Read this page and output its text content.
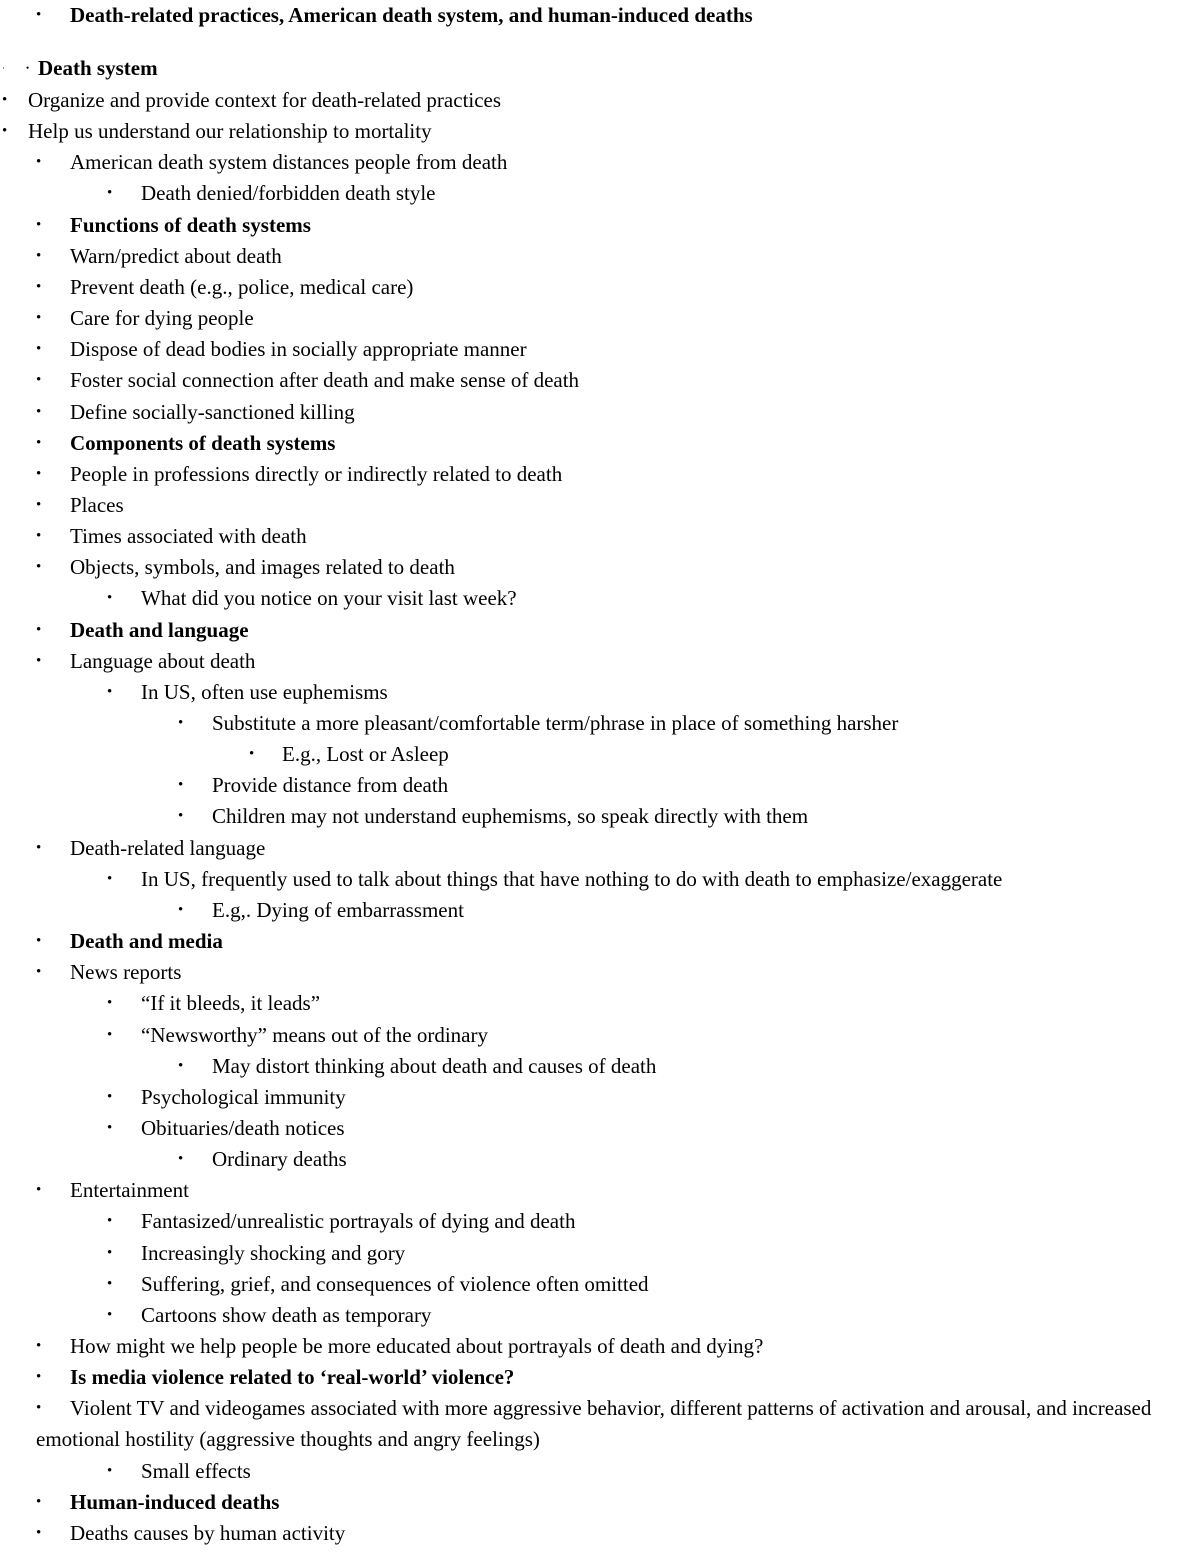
• Death-related practices, American death system, and human-induced deaths
· • Death system
• Organize and provide context for death-related practices
• Help us understand our relationship to mortality
• American death system distances people from death
• Death denied/forbidden death style
• Functions of death systems
• Warn/predict about death
• Prevent death (e.g., police, medical care)
• Care for dying people
• Dispose of dead bodies in socially appropriate manner
• Foster social connection after death and make sense of death
• Define socially-sanctioned killing
• Components of death systems
• People in professions directly or indirectly related to death
• Places
• Times associated with death
• Objects, symbols, and images related to death
• What did you notice on your visit last week?
• Death and language
• Language about death
• In US, often use euphemisms
• Substitute a more pleasant/comfortable term/phrase in place of something harsher
• E.g., Lost or Asleep
• Provide distance from death
• Children may not understand euphemisms, so speak directly with them
• Death-related language
• In US, frequently used to talk about things that have nothing to do with death to emphasize/exaggerate
• E.g,. Dying of embarrassment
• Death and media
• News reports
• “If it bleeds, it leads”
• “Newsworthy” means out of the ordinary
• May distort thinking about death and causes of death
• Psychological immunity
• Obituaries/death notices
• Ordinary deaths
• Entertainment
• Fantasized/unrealistic portrayals of dying and death
• Increasingly shocking and gory
• Suffering, grief, and consequences of violence often omitted
• Cartoons show death as temporary
• How might we help people be more educated about portrayals of death and dying?
• Is media violence related to ‘real-world’ violence?
•	Violent TV and videogames associated with more aggressive behavior, different patterns of activation and arousal, and increased emotional hostility (aggressive thoughts and angry feelings)
• Small effects
• Human-induced deaths
• Deaths causes by human activity
